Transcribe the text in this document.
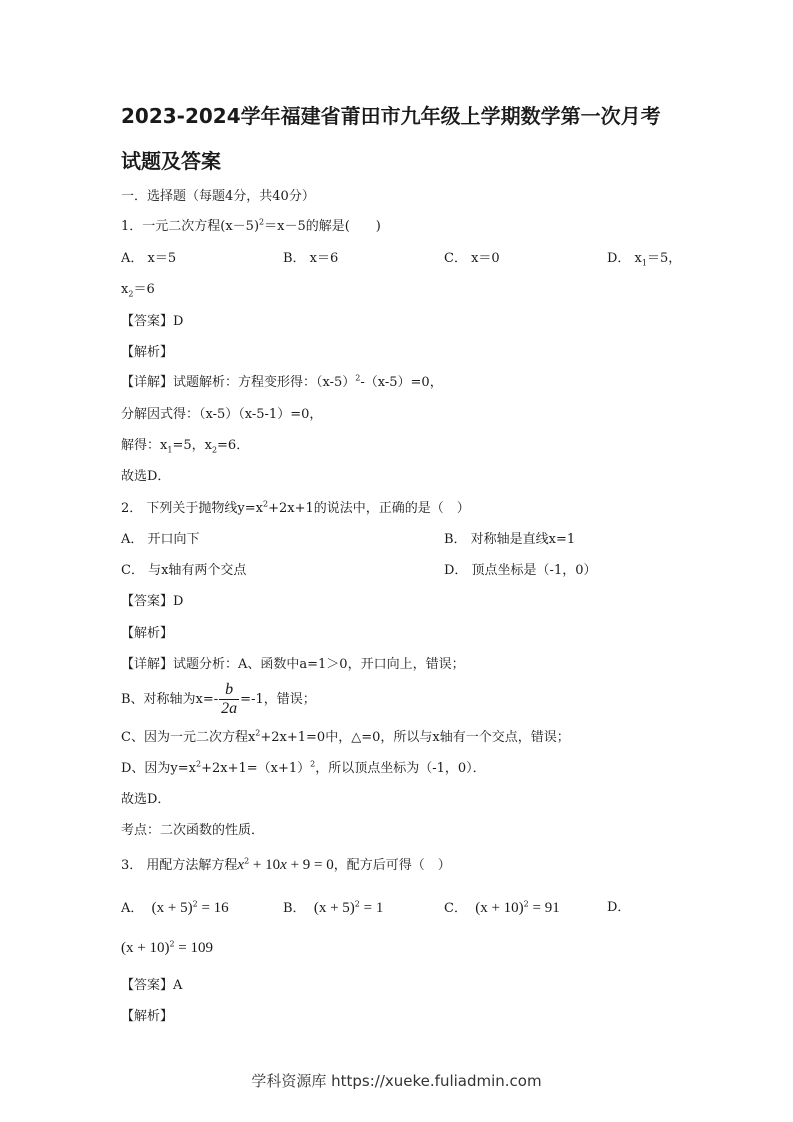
2023-2024学年福建省莆田市九年级上学期数学第一次月考
试题及答案
一．选择题（每题4分，共40分）
1．一元二次方程$(x-5)^2=x-5$的解是(　　)
A． x＝5	B． x＝6	C． x＝0	D． $x_1=5$，
$x_2=6$
【答案】D
【解析】
【详解】试题解析：方程变形得：$(x-5)^2-(x-5)=0$，
分解因式得：（x-5）（x-5-1）=0，
解得：$x_1=5$，$x_2=6$．
故选D．
2． 下列关于抛物线$y=x^2+2x+1$的说法中，正确的是（　）
A． 开口向下	B． 对称轴是直线x=1
C． 与x轴有两个交点	D． 顶点坐标是（-1，0）
【答案】D
【解析】
【详解】试题分析：A、函数中a=1＞0，开口向上，错误；
B、对称轴为$x=- \frac{b}{2a} =-1$，错误；
C、因为一元二次方程$x^2+2x+1=0$中，△=0，所以与x轴有一个交点，错误；
D、因为$y=x^2+2x+1=(x+1)^2$，所以顶点坐标为（-1，0）．
故选D．
考点：二次函数的性质．
3． 用配方法解方程$x^2 + 10x + 9 = 0$，配方后可得（　）
A． $(x + 5)^2 = 16$	B． $(x + 5)^2 = 1$	C． $(x + 10)^2 = 91$	D．
$(x + 10)^2 = 109$
【答案】A
【解析】
学科资源库 https://xueke.fuliadmin.com
